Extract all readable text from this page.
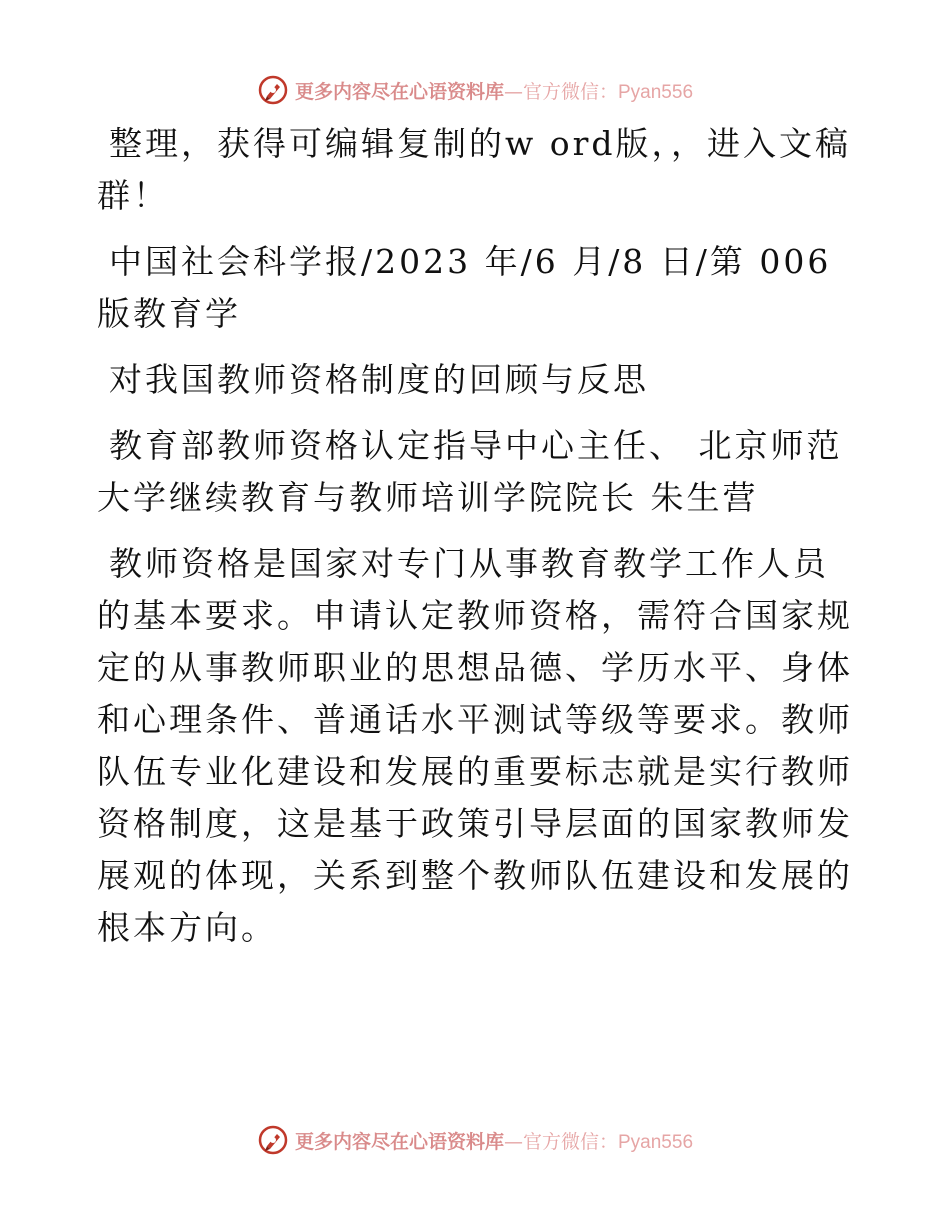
更多内容尽在心语资料库—官方微信：Pyan556

整理，获得可编辑复制的w ord版，，进入文稿群！

中国社会科学报/2023 年/6 月/8 日/第 006 版教育学

对我国教师资格制度的回顾与反思

教育部教师资格认定指导中心主任、 北京师范大学继续教育与教师培训学院院长 朱生营

教师资格是国家对专门从事教育教学工作人员的基本要求。申请认定教师资格，需符合国家规定的从事教师职业的思想品德、学历水平、身体和心理条件、普通话水平测试等级等要求。教师队伍专业化建设和发展的重要标志就是实行教师资格制度，这是基于政策引导层面的国家教师发展观的体现，关系到整个教师队伍建设和发展的根本方向。

更多内容尽在心语资料库—官方微信：Pyan556
